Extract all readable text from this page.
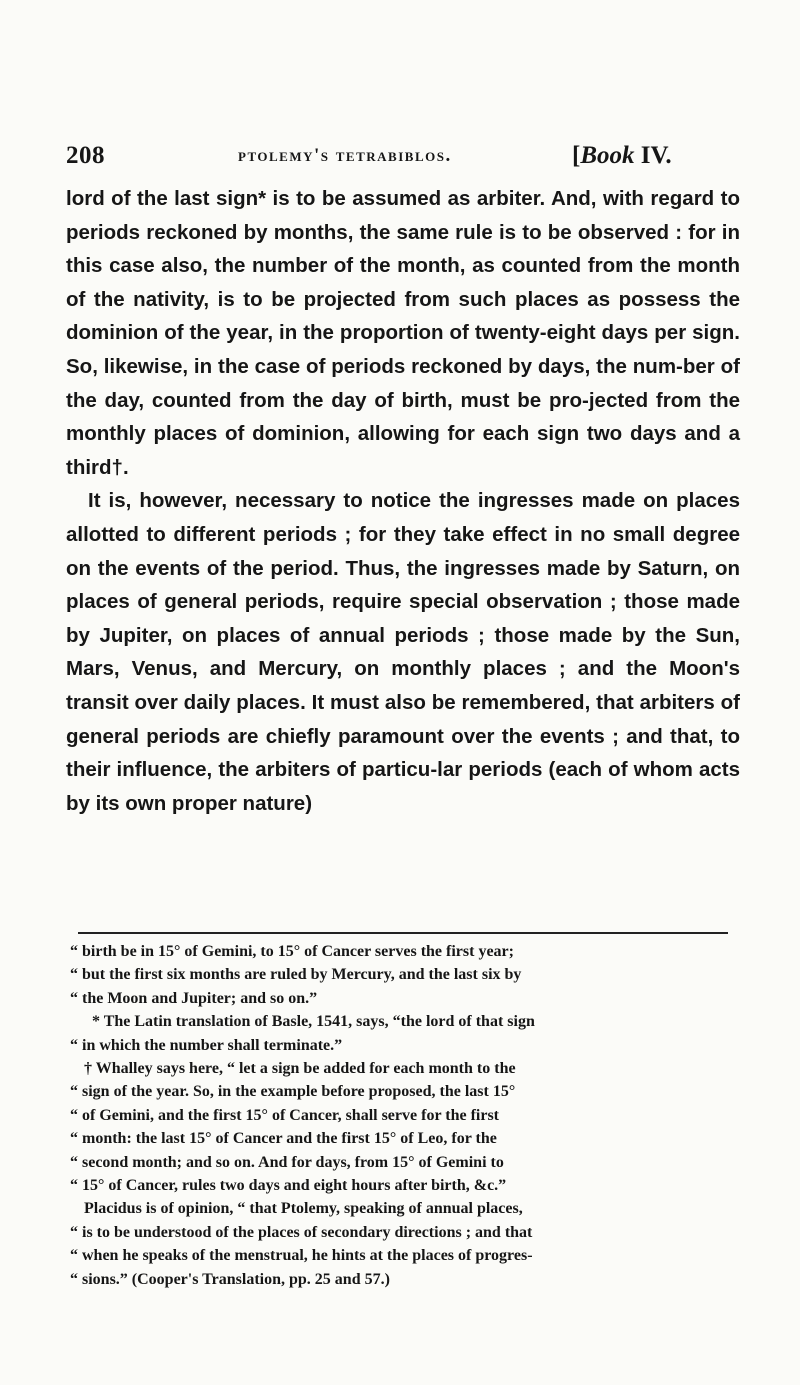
208	ptolemy's tetrabiblos.	[Book IV.

lord of the last sign* is to be assumed as arbiter. And, with regard to periods reckoned by months, the same rule is to be observed : for in this case also, the number of the month, as counted from the month of the nativity, is to be projected from such places as possess the dominion of the year, in the proportion of twenty-eight days per sign. So, likewise, in the case of periods reckoned by days, the num-ber of the day, counted from the day of birth, must be pro-jected from the monthly places of dominion, allowing for each sign two days and a third†.

It is, however, necessary to notice the ingresses made on places allotted to different periods ; for they take effect in no small degree on the events of the period. Thus, the ingresses made by Saturn, on places of general periods, require special observation ; those made by Jupiter, on places of annual periods ; those made by the Sun, Mars, Venus, and Mercury, on monthly places ; and the Moon's transit over daily places. It must also be remembered, that arbiters of general periods are chiefly paramount over the events ; and that, to their influence, the arbiters of particu-lar periods (each of whom acts by its own proper nature)

“ birth be in 15° of Gemini, to 15° of Cancer serves the first year;
“ but the first six months are ruled by Mercury, and the last six by
“ the Moon and Jupiter; and so on.”
* The Latin translation of Basle, 1541, says, “the lord of that sign
“ in which the number shall terminate.”
† Whalley says here, “ let a sign be added for each month to the
“ sign of the year. So, in the example before proposed, the last 15°
“ of Gemini, and the first 15° of Cancer, shall serve for the first
“ month: the last 15° of Cancer and the first 15° of Leo, for the
“ second month; and so on. And for days, from 15° of Gemini to
“ 15° of Cancer, rules two days and eight hours after birth, &c.”
Placidus is of opinion, “ that Ptolemy, speaking of annual places,
“ is to be understood of the places of secondary directions ; and that
“ when he speaks of the menstrual, he hints at the places of progres-
“ sions.” (Cooper's Translation, pp. 25 and 57.)
